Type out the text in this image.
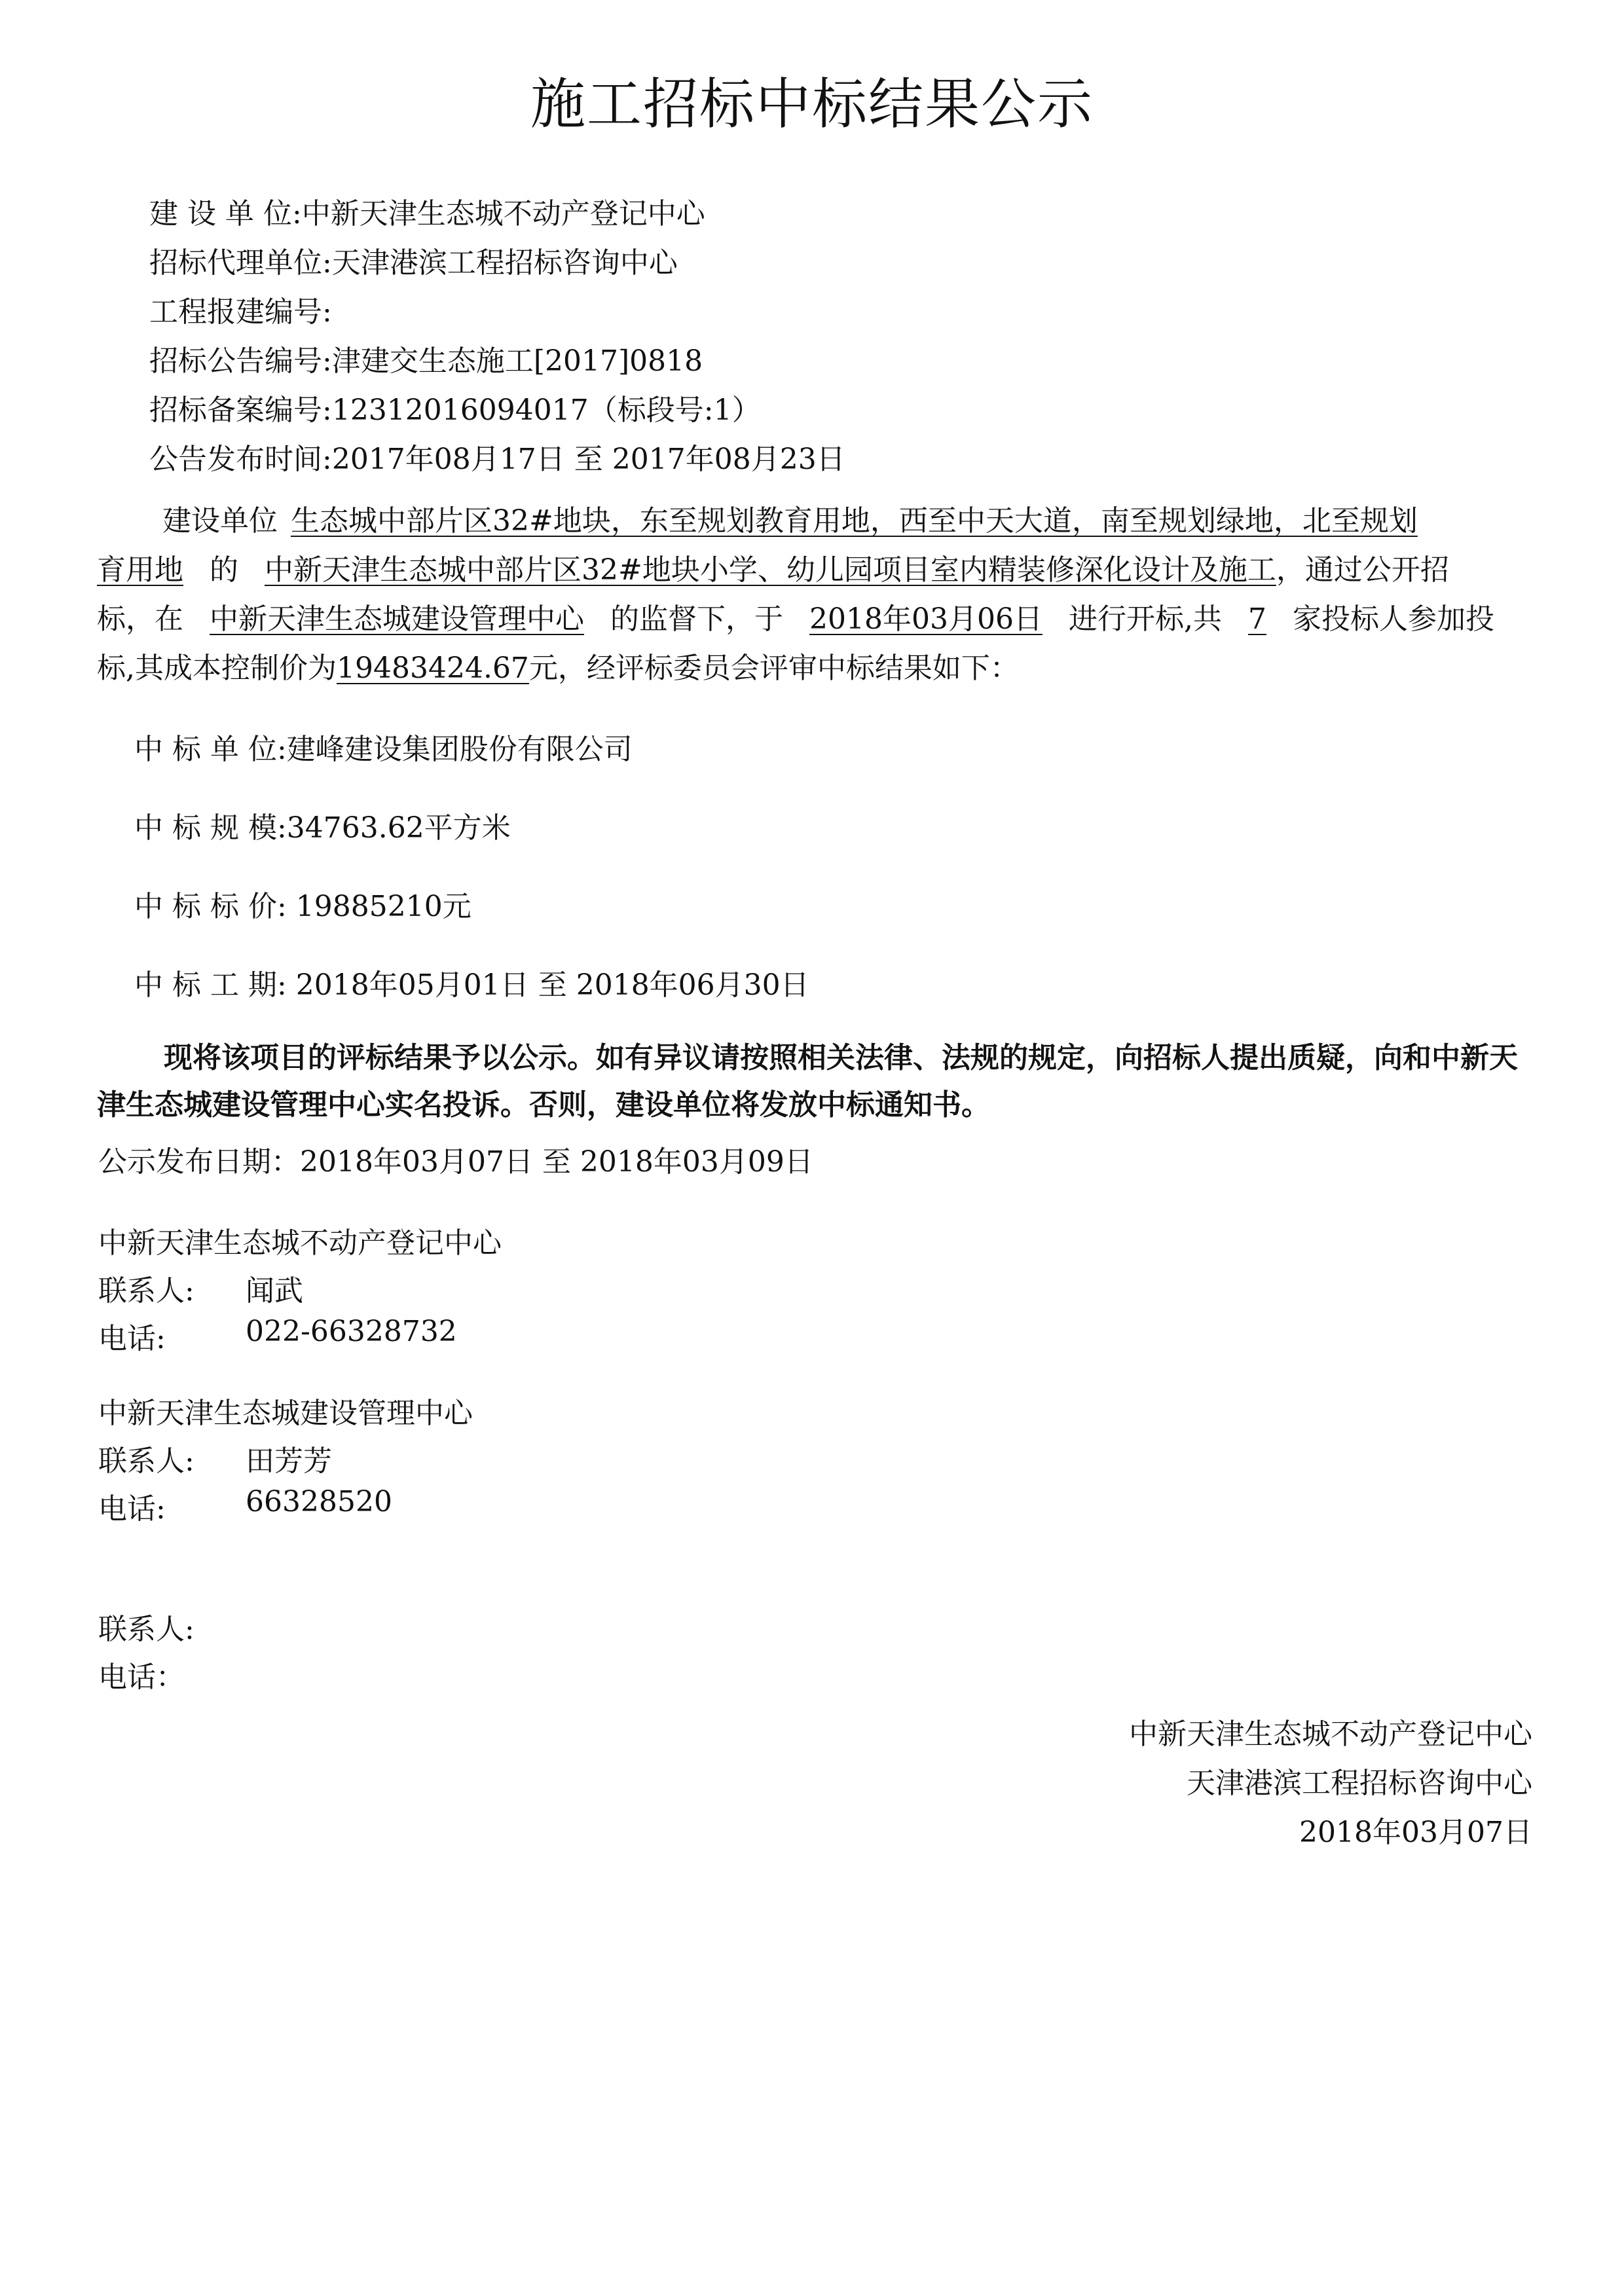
施工招标中标结果公示
建 设 单 位:中新天津生态城不动产登记中心
招标代理单位:天津港滨工程招标咨询中心
工程报建编号:
招标公告编号:津建交生态施工[2017]0818
招标备案编号:12312016094017（标段号:1）
公告发布时间:2017年08月17日 至 2017年08月23日
建设单位 生态城中部片区32#地块，东至规划教育用地，西至中天大道，南至规划绿地，北至规划
育用地 的 中新天津生态城中部片区32#地块小学、幼儿园项目室内精装修深化设计及施工，通过公开招
标，在 中新天津生态城建设管理中心 的监督下，于 2018年03月06日 进行开标,共 7 家投标人参加投
标,其成本控制价为19483424.67元，经评标委员会评审中标结果如下：
中 标 单 位:建峰建设集团股份有限公司
中 标 规 模:34763.62平方米
中 标 标 价: 19885210元
中 标 工 期: 2018年05月01日 至 2018年06月30日
现将该项目的评标结果予以公示。如有异议请按照相关法律、法规的规定，向招标人提出质疑，向和中新天津生态城建设管理中心实名投诉。否则，建设单位将发放中标通知书。
公示发布日期：2018年03月07日 至 2018年03月09日
中新天津生态城不动产登记中心
联系人: 闻武
电话:	022-66328732
中新天津生态城建设管理中心
联系人: 田芳芳
电话:	66328520
联系人:
电话：
中新天津生态城不动产登记中心
天津港滨工程招标咨询中心
2018年03月07日
